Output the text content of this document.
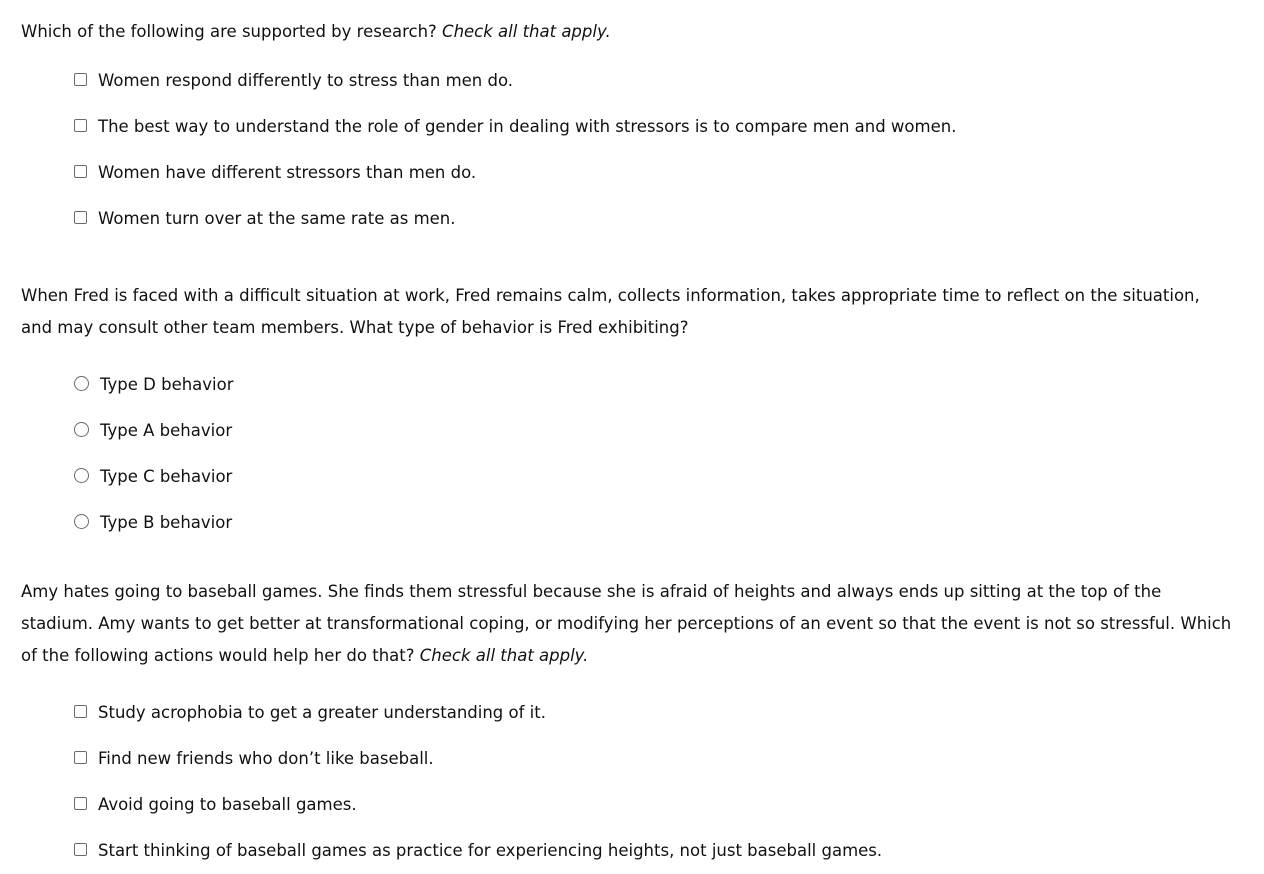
Which of the following are supported by research? Check all that apply.

Women respond differently to stress than men do.
The best way to understand the role of gender in dealing with stressors is to compare men and women.
Women have different stressors than men do.
Women turn over at the same rate as men.

When Fred is faced with a difficult situation at work, Fred remains calm, collects information, takes appropriate time to reflect on the situation, and may consult other team members. What type of behavior is Fred exhibiting?

Type D behavior
Type A behavior
Type C behavior
Type B behavior

Amy hates going to baseball games. She finds them stressful because she is afraid of heights and always ends up sitting at the top of the stadium. Amy wants to get better at transformational coping, or modifying her perceptions of an event so that the event is not so stressful. Which of the following actions would help her do that? Check all that apply.

Study acrophobia to get a greater understanding of it.
Find new friends who don’t like baseball.
Avoid going to baseball games.
Start thinking of baseball games as practice for experiencing heights, not just baseball games.
